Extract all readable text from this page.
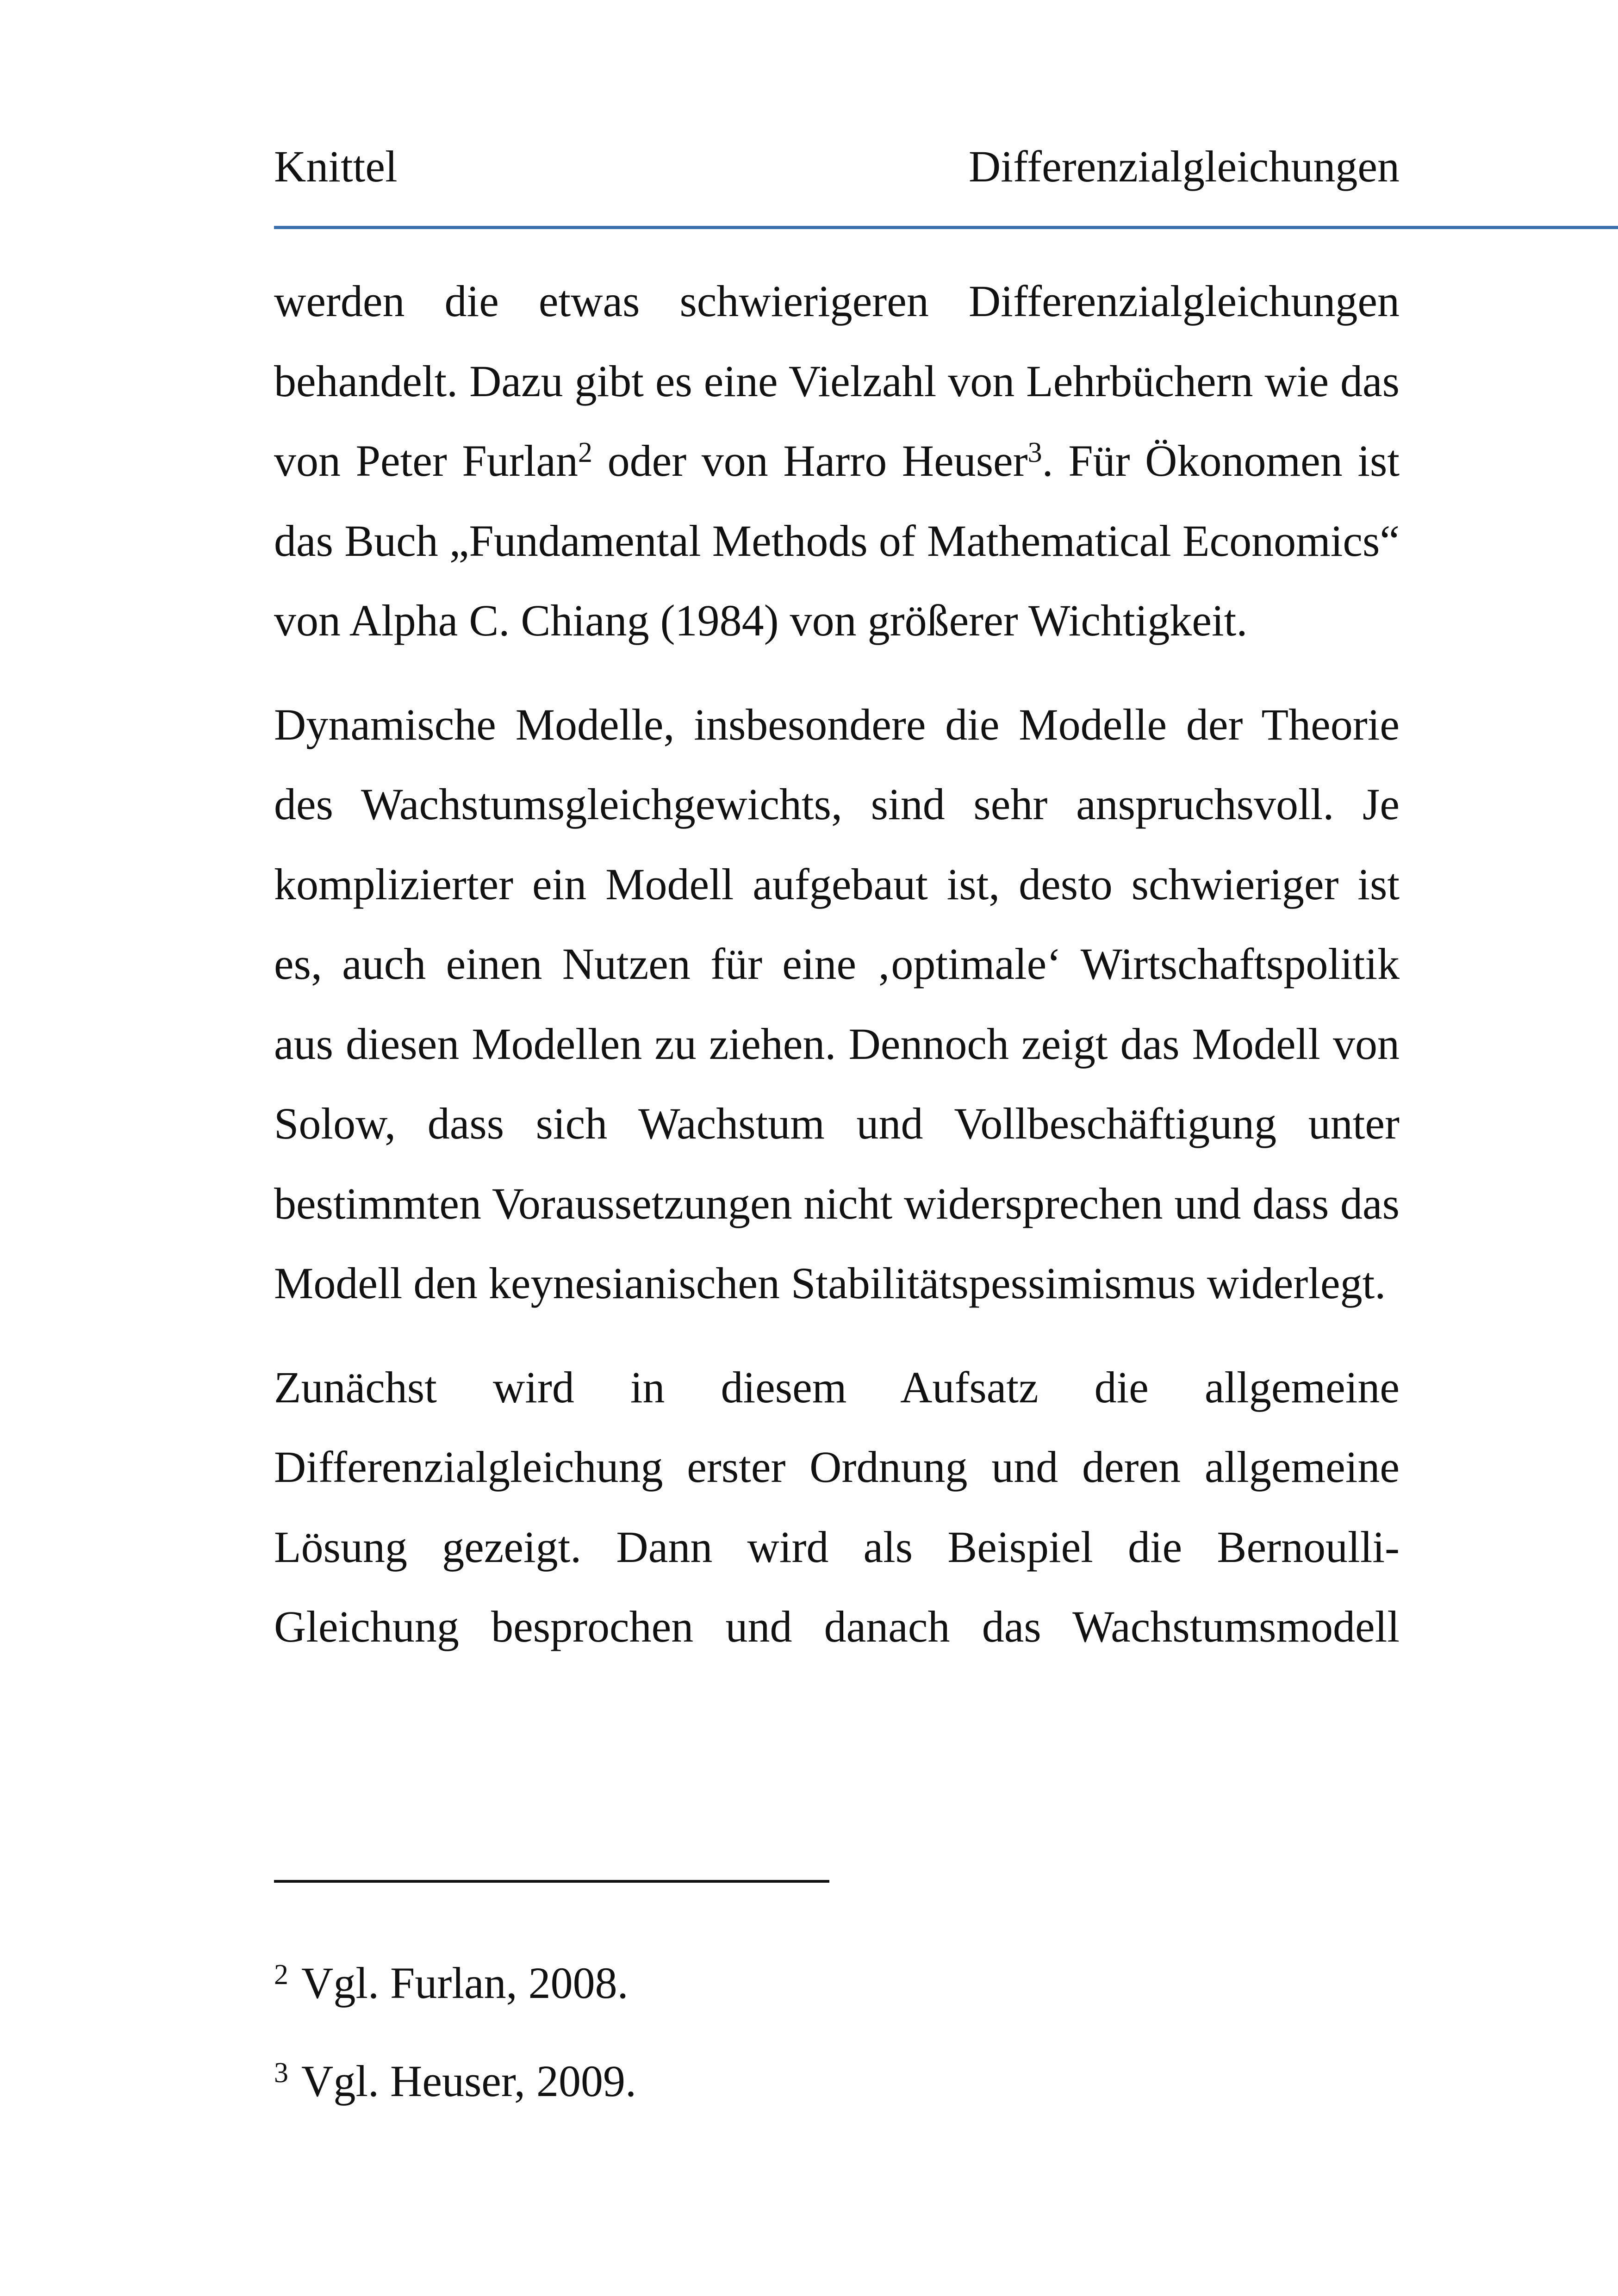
Knittel	Differenzialgleichungen

werden die etwas schwierigeren Differenzialgleichungen behandelt. Dazu gibt es eine Vielzahl von Lehrbüchern wie das von Peter Furlan$^2$ oder von Harro Heuser$^3$. Für Ökonomen ist das Buch „Fundamental Methods of Mathematical Economics“ von Alpha C. Chiang (1984) von größerer Wichtigkeit.

Dynamische Modelle, insbesondere die Modelle der Theorie des Wachstumsgleichgewichts, sind sehr anspruchsvoll. Je komplizierter ein Modell aufgebaut ist, desto schwieriger ist es, auch einen Nutzen für eine ‚optimale‘ Wirtschaftspolitik aus diesen Modellen zu ziehen. Dennoch zeigt das Modell von Solow, dass sich Wachstum und Vollbeschäftigung unter bestimmten Voraussetzungen nicht widersprechen und dass das Modell den keynesianischen Stabilitätspessimismus widerlegt.

Zunächst wird in diesem Aufsatz die allgemeine Differenzialgleichung erster Ordnung und deren allgemeine Lösung gezeigt. Dann wird als Beispiel die Bernoulli-Gleichung besprochen und danach das Wachstumsmodell

$^2$ Vgl. Furlan, 2008.
$^3$ Vgl. Heuser, 2009.
